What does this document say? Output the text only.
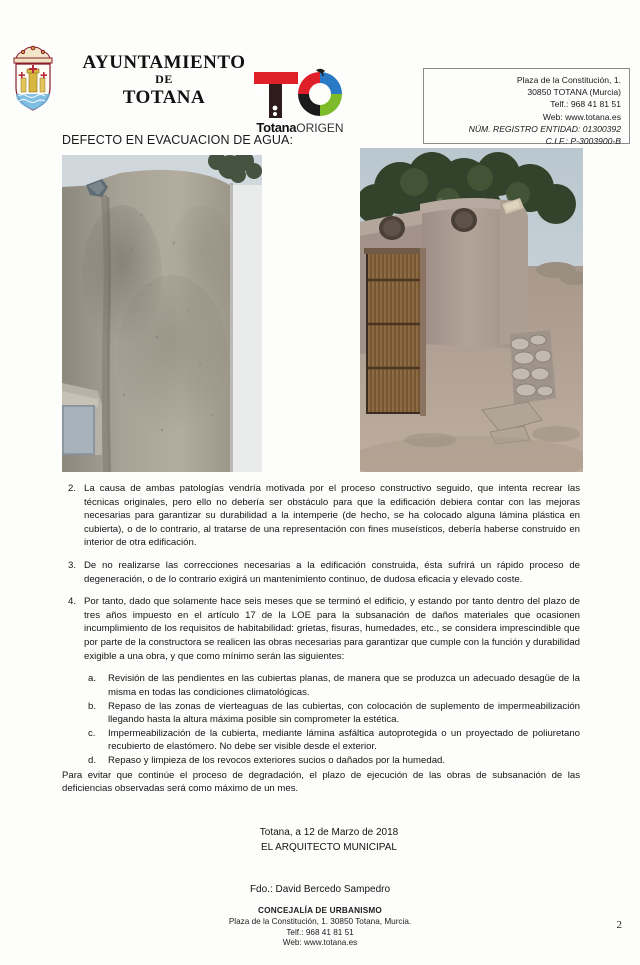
AYUNTAMIENTO
DE
TOTANA
TotanaORIGEN
Plaza de la Constitución, 1.
30850 TOTANA (Murcia)
Telf.: 968 41 81 51
Web: www.totana.es
NÚM. REGISTRO ENTIDAD: 01300392
C.I.F.: P-3003900-B
DEFECTO EN EVACUACION DE AGUA:
2. La causa de ambas patologías vendría motivada por el proceso constructivo seguido, que intenta recrear las técnicas originales, pero ello no debería ser obstáculo para que la edificación debiera contar con las mejoras necesarias para garantizar su durabilidad a la intemperie (de hecho, se ha colocado alguna lámina plástica en cubierta), o de lo contrario, al tratarse de una representación con fines museísticos, debería haberse construido en interior de otra edificación.
3. De no realizarse las correcciones necesarias a la edificación construida, ésta sufrirá un rápido proceso de degeneración, o de lo contrario exigirá un mantenimiento continuo, de dudosa eficacia y elevado coste.
4. Por tanto, dado que solamente hace seis meses que se terminó el edificio, y estando por tanto dentro del plazo de tres años impuesto en el artículo 17 de la LOE para la subsanación de daños materiales que ocasionen incumplimiento de los requisitos de habitabilidad: grietas, fisuras, humedades, etc., se considera imprescindible que por parte de la constructora se realicen las obras necesarias para garantizar que cumple con la función y durabilidad exigible a una obra, y que como mínimo serán las siguientes:
a.	Revisión de las pendientes en las cubiertas planas, de manera que se produzca un adecuado desagüe de la misma en todas las condiciones climatológicas.
b.	Repaso de las zonas de vierteaguas de las cubiertas, con colocación de suplemento de impermeabilización llegando hasta la altura máxima posible sin comprometer la estética.
c.	Impermeabilización de la cubierta, mediante lámina asfáltica autoprotegida o un proyectado de poliuretano recubierto de elastómero. No debe ser visible desde el exterior.
d.	Repaso y limpieza de los revocos exteriores sucios o dañados por la humedad.
Para evitar que continúe el proceso de degradación, el plazo de ejecución de las obras de subsanación de las deficiencias observadas será como máximo de un mes.
Totana, a 12 de Marzo de 2018
EL ARQUITECTO MUNICIPAL
Fdo.: David Bercedo Sampedro
CONCEJALÍA DE URBANISMO
Plaza de la Constitución, 1. 30850 Totana, Murcia.
Telf.: 968 41 81 51
Web: www.totana.es
2
